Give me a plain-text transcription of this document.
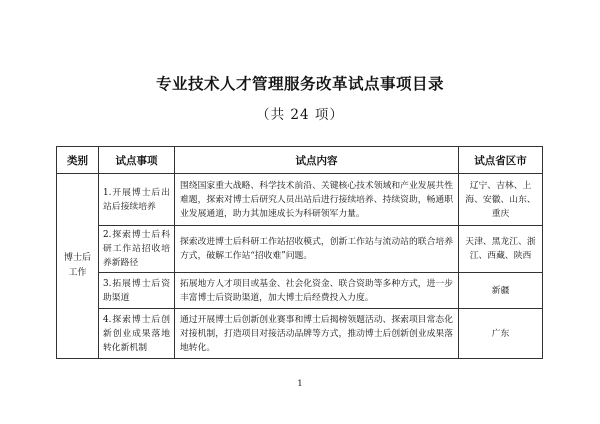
专业技术人才管理服务改革试点事项目录
（共 24 项）
类别	试点事项	试点内容	试点省区市
博士后工作	1.开展博士后出站后接续培养	围绕国家重大战略、科学技术前沿、关键核心技术领域和产业发展共性难题，探索对博士后研究人员出站后进行接续培养、持续资助，畅通职业发展通道，助力其加速成长为科研领军力量。	辽宁、吉林、上海、安徽、山东、重庆
	2.探索博士后科研工作站招收培养新路径	探索改进博士后科研工作站招收模式，创新工作站与流动站的联合培养方式，破解工作站“招收难”问题。	天津、黑龙江、浙江、西藏、陕西
	3.拓展博士后资助渠道	拓展地方人才项目或基金、社会化资金、联合资助等多种方式，进一步丰富博士后资助渠道，加大博士后经费投入力度。	新疆
	4.探索博士后创新创业成果落地转化新机制	通过开展博士后创新创业赛事和博士后揭榜领题活动、探索项目常态化对接机制，打造项目对接活动品牌等方式，推动博士后创新创业成果落地转化。	广东
1
